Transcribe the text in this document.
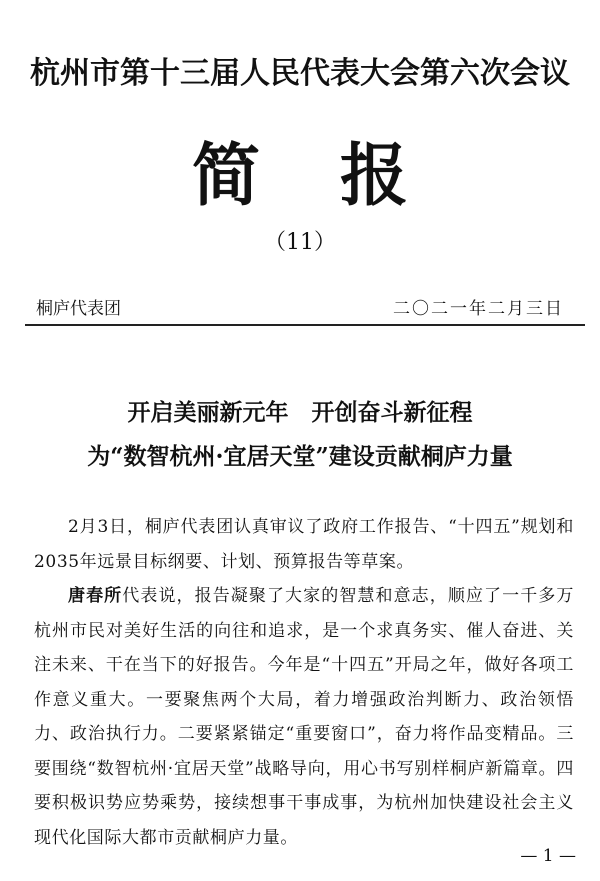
杭州市第十三届人民代表大会第六次会议
简报
（11）
桐庐代表团	二〇二一年二月三日
开启美丽新元年　开创奋斗新征程
为“数智杭州·宜居天堂”建设贡献桐庐力量

2月3日，桐庐代表团认真审议了政府工作报告、“十四五”规划和2035年远景目标纲要、计划、预算报告等草案。

唐春所代表说，报告凝聚了大家的智慧和意志，顺应了一千多万杭州市民对美好生活的向往和追求，是一个求真务实、催人奋进、关注未来、干在当下的好报告。今年是“十四五”开局之年，做好各项工作意义重大。一要聚焦两个大局，着力增强政治判断力、政治领悟力、政治执行力。二要紧紧锚定“重要窗口”，奋力将作品变精品。三要围绕“数智杭州·宜居天堂”战略导向，用心书写别样桐庐新篇章。四要积极识势应势乘势，接续想事干事成事，为杭州加快建设社会主义现代化国际大都市贡献桐庐力量。

— 1 —
